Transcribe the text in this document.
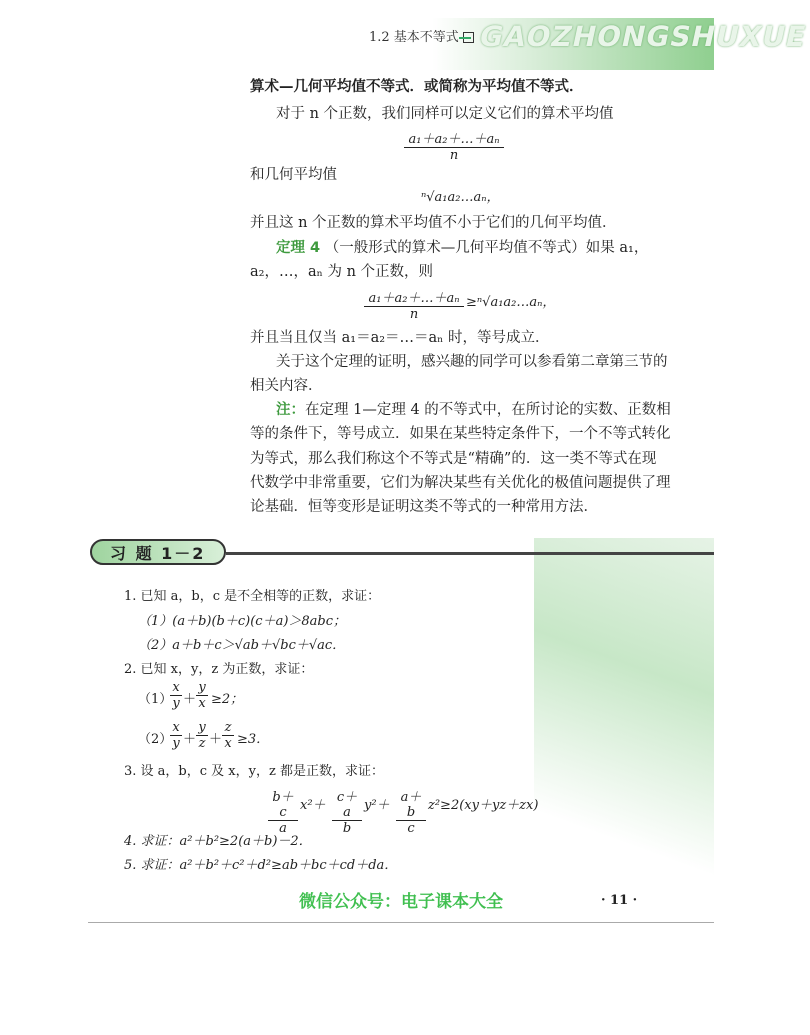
1.2 基本不等式 GAOZHONGSHUXUE
算术—几何平均值不等式．或简称为平均值不等式．
对于 n 个正数，我们同样可以定义它们的算术平均值
$\frac{\text{a₁＋a₂＋…＋aₙ}}{n}$
和几何平均值
ⁿ√a₁a₂…aₙ，
并且这 n 个正数的算术平均值不小于它们的几何平均值．
定理 4 （一般形式的算术—几何平均值不等式）如果 a₁，
a₂，…，aₙ 为 n 个正数，则
$\frac{\text{a₁＋a₂＋…＋aₙ}}{n}$ ≥ⁿ√a₁a₂…aₙ，
并且当且仅当 a₁＝a₂＝…＝aₙ 时，等号成立．
关于这个定理的证明，感兴趣的同学可以参看第二章第三节的
相关内容．
注：在定理 1—定理 4 的不等式中，在所讨论的实数、正数相
等的条件下，等号成立．如果在某些特定条件下，一个不等式转化
为等式，那么我们称这个不等式是“精确”的．这一类不等式在现
代数学中非常重要，它们为解决某些有关优化的极值问题提供了理
论基础．恒等变形是证明这类不等式的一种常用方法．
习 题 1－2
1. 已知 a，b，c 是不全相等的正数，求证：
（1）(a＋b)(b＋c)(c＋a)＞8abc；
（2）a＋b＋c＞√ab＋√bc＋√ac．
2. 已知 x，y，z 为正数，求证：
（1）
$\frac{x}{y} + \frac{y}{x} \ge 2$；
（2）
$\frac{x}{y} + \frac{y}{z} + \frac{z}{x} \ge 3$．
3. 设 a，b，c 及 x，y，z 都是正数，求证：
$\frac{b+c}{a} x^2+ \frac{c+a}{b} y^2+ \frac{a+b}{c} z^2\ge 2(xy+yz+zx)$
4. 求证：a²＋b²≥2(a＋b)－2．
5. 求证：a²＋b²＋c²＋d²≥ab＋bc＋cd＋da．
微信公众号：电子课本大全	· 11 ·
